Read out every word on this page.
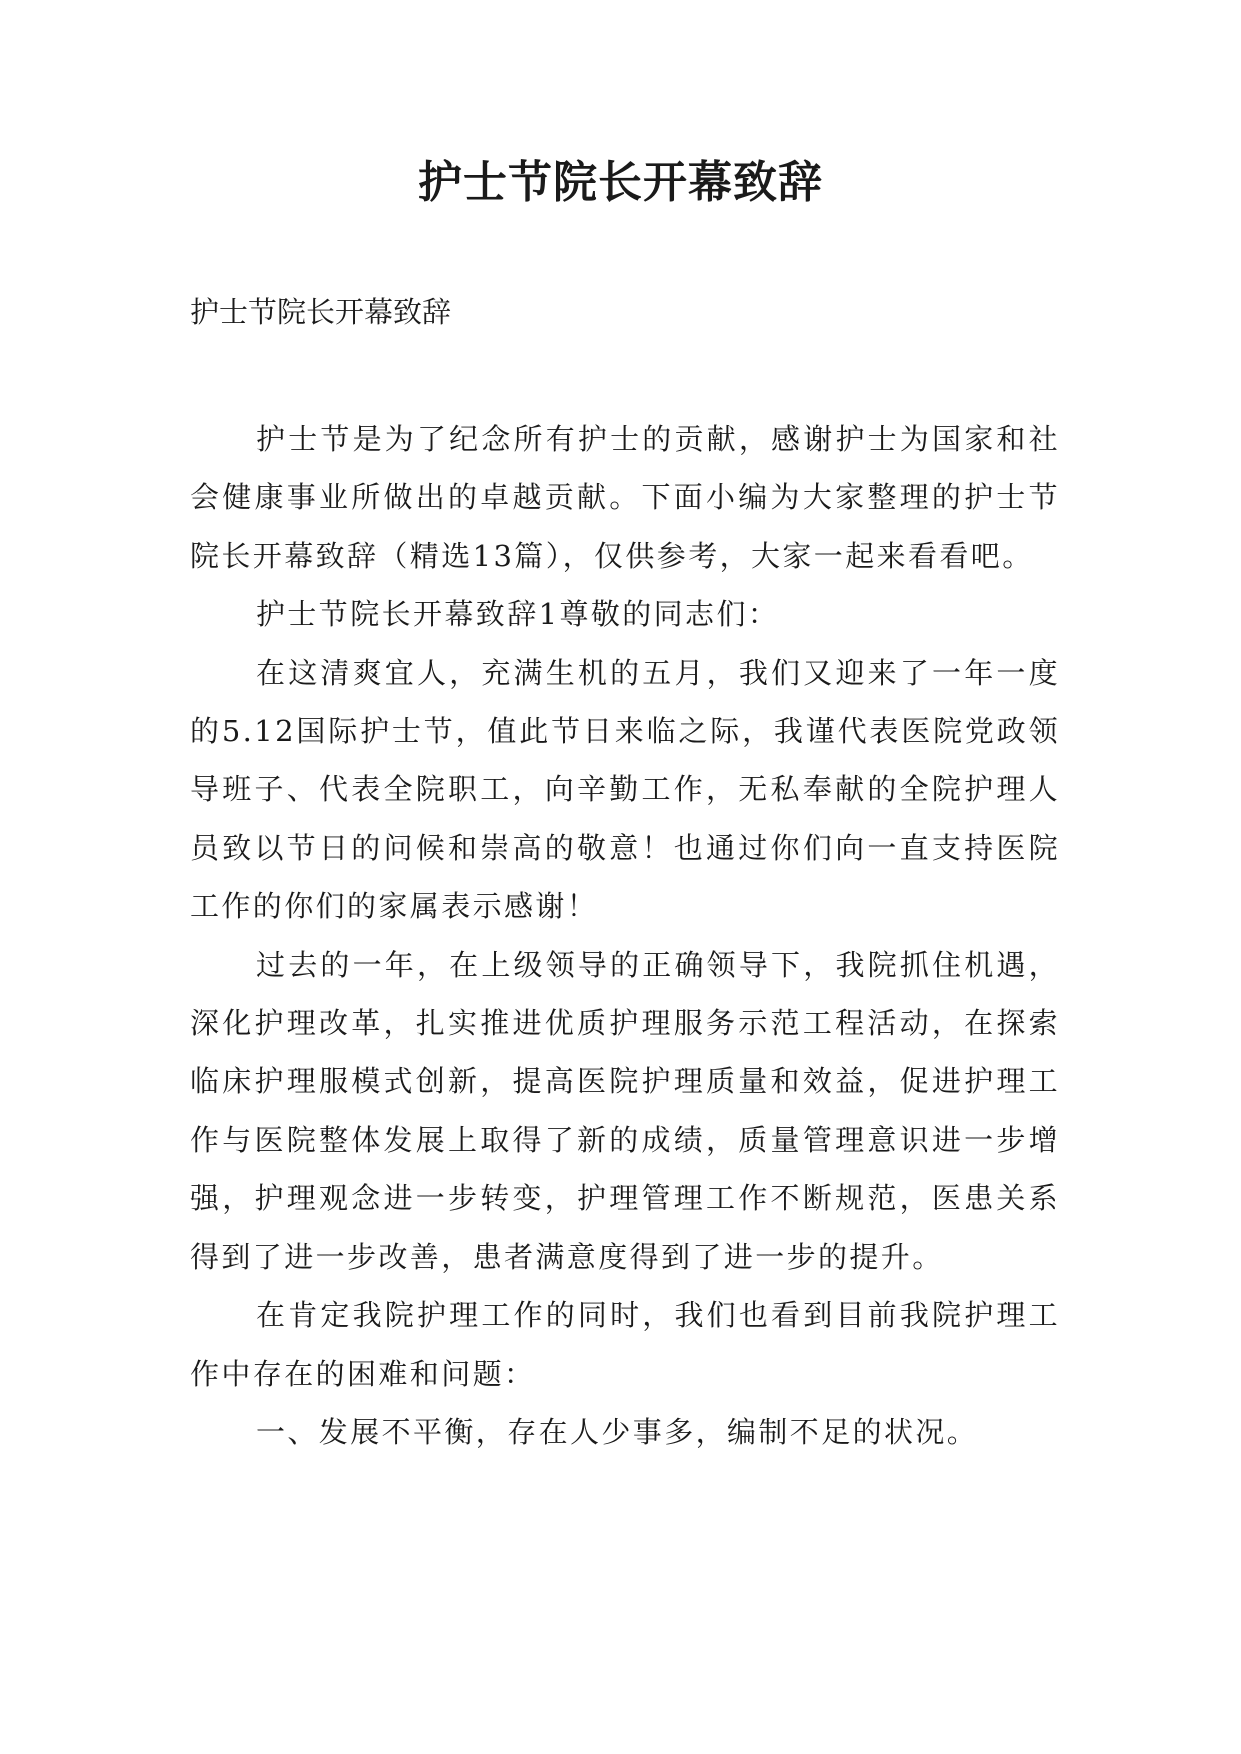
护士节院长开幕致辞

护士节院长开幕致辞

护士节是为了纪念所有护士的贡献，感谢护士为国家和社会健康事业所做出的卓越贡献。下面小编为大家整理的护士节院长开幕致辞（精选13篇），仅供参考，大家一起来看看吧。

护士节院长开幕致辞1尊敬的同志们：

在这清爽宜人，充满生机的五月，我们又迎来了一年一度的5.12国际护士节，值此节日来临之际，我谨代表医院党政领导班子、代表全院职工，向辛勤工作，无私奉献的全院护理人员致以节日的问候和崇高的敬意！也通过你们向一直支持医院工作的你们的家属表示感谢！

过去的一年，在上级领导的正确领导下，我院抓住机遇，深化护理改革，扎实推进优质护理服务示范工程活动，在探索临床护理服模式创新，提高医院护理质量和效益，促进护理工作与医院整体发展上取得了新的成绩，质量管理意识进一步增强，护理观念进一步转变，护理管理工作不断规范，医患关系得到了进一步改善，患者满意度得到了进一步的提升。

在肯定我院护理工作的同时，我们也看到目前我院护理工作中存在的困难和问题：

一、发展不平衡，存在人少事多，编制不足的状况。
